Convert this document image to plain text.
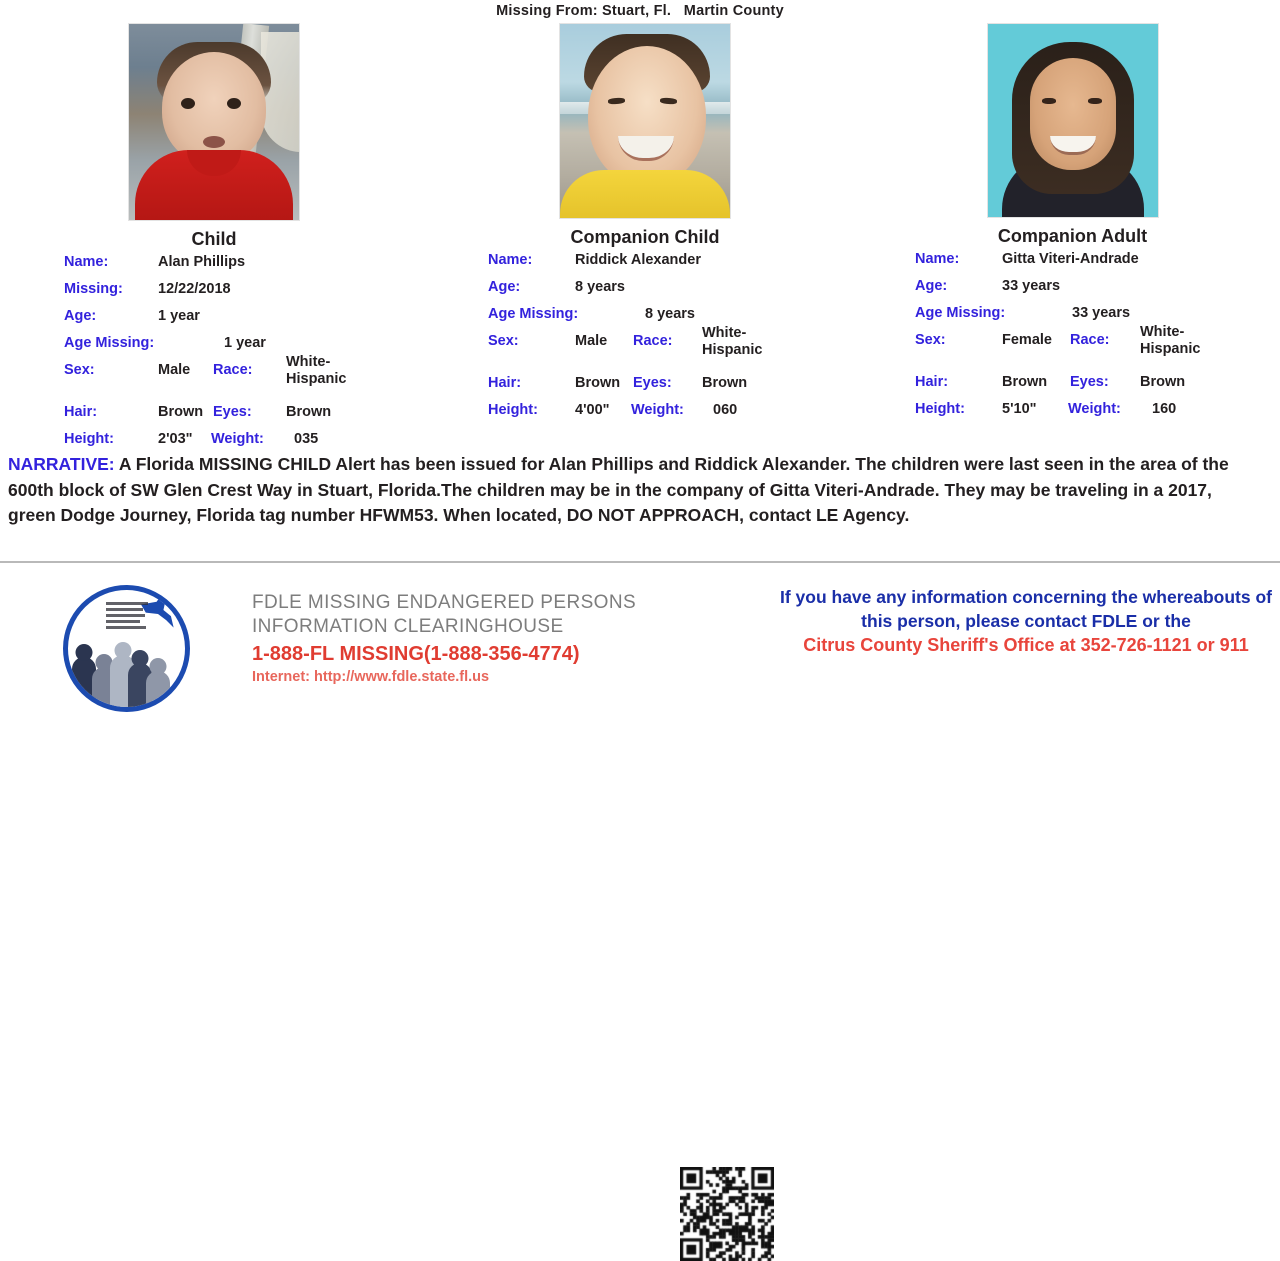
Missing From: Stuart, Fl.   Martin County
Child
Name:	Alan Phillips
Missing: 12/22/2018
Age:	1 year
Age Missing:	1 year
Sex:	Male Race: White-Hispanic
Hair:	Brown Eyes: Brown
Height:	2'03" Weight: 035
Companion Child
Name:	Riddick Alexander
Age:	8 years
Age Missing:	8 years
Sex:	Male Race: White-Hispanic
Hair:	Brown Eyes: Brown
Height:	4'00" Weight: 060
Companion Adult
Name:	Gitta Viteri-Andrade
Age:	33 years
Age Missing:	33 years
Sex:	Female Race: White-Hispanic
Hair:	Brown Eyes: Brown
Height:	5'10" Weight: 160
NARRATIVE: A Florida MISSING CHILD Alert has been issued for Alan Phillips and Riddick Alexander. The children were last seen in the area of the 600th block of SW Glen Crest Way in Stuart, Florida.The children may be in the company of Gitta Viteri-Andrade. They may be traveling in a 2017, green Dodge Journey, Florida tag number HFWM53. When located, DO NOT APPROACH, contact LE Agency.
FDLE MISSING ENDANGERED PERSONS
INFORMATION CLEARINGHOUSE
1-888-FL MISSING(1-888-356-4774)
Internet: http://www.fdle.state.fl.us
If you have any information concerning the whereabouts of this person, please contact FDLE or the
Citrus County Sheriff's Office at 352-726-1121 or 911
